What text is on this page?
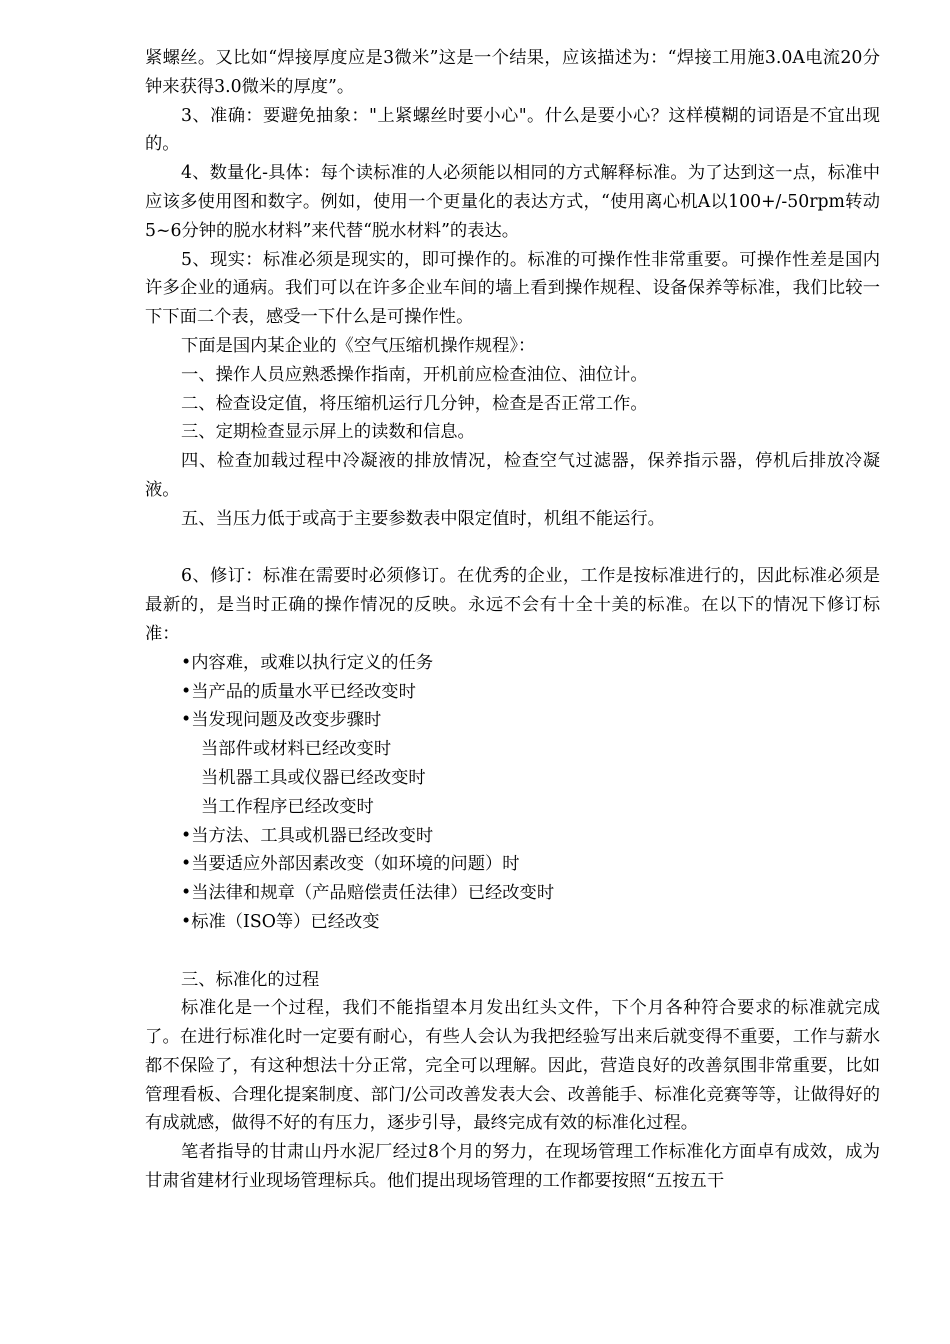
紧螺丝。又比如“焊接厚度应是3微米”这是一个结果，应该描述为：“焊接工用施3.0A电流20分钟来获得3.0微米的厚度”。

3、准确：要避免抽象："上紧螺丝时要小心"。什么是要小心？这样模糊的词语是不宜出现的。

4、数量化-具体：每个读标准的人必须能以相同的方式解释标准。为了达到这一点，标准中应该多使用图和数字。例如，使用一个更量化的表达方式，“使用离心机A以100+/-50rpm转动5~6分钟的脱水材料”来代替“脱水材料”的表达。

5、现实：标准必须是现实的，即可操作的。标准的可操作性非常重要。可操作性差是国内许多企业的通病。我们可以在许多企业车间的墙上看到操作规程、设备保养等标准，我们比较一下下面二个表，感受一下什么是可操作性。

下面是国内某企业的《空气压缩机操作规程》：

一、操作人员应熟悉操作指南，开机前应检查油位、油位计。

二、检查设定值，将压缩机运行几分钟，检查是否正常工作。

三、定期检查显示屏上的读数和信息。

四、检查加载过程中冷凝液的排放情况，检查空气过滤器，保养指示器，停机后排放冷凝液。

五、当压力低于或高于主要参数表中限定值时，机组不能运行。

6、修订：标准在需要时必须修订。在优秀的企业，工作是按标准进行的，因此标准必须是最新的，是当时正确的操作情况的反映。永远不会有十全十美的标准。在以下的情况下修订标准：

•内容难，或难以执行定义的任务

•当产品的质量水平已经改变时

•当发现问题及改变步骤时

当部件或材料已经改变时

当机器工具或仪器已经改变时

当工作程序已经改变时

•当方法、工具或机器已经改变时

•当要适应外部因素改变（如环境的问题）时

•当法律和规章（产品赔偿责任法律）已经改变时

•标准（ISO等）已经改变

三、标准化的过程

标准化是一个过程，我们不能指望本月发出红头文件，下个月各种符合要求的标准就完成了。在进行标准化时一定要有耐心，有些人会认为我把经验写出来后就变得不重要，工作与薪水都不保险了，有这种想法十分正常，完全可以理解。因此，营造良好的改善氛围非常重要，比如管理看板、合理化提案制度、部门/公司改善发表大会、改善能手、标准化竞赛等等，让做得好的有成就感，做得不好的有压力，逐步引导，最终完成有效的标准化过程。

笔者指导的甘肃山丹水泥厂经过8个月的努力，在现场管理工作标准化方面卓有成效，成为甘肃省建材行业现场管理标兵。他们提出现场管理的工作都要按照“五按五干
